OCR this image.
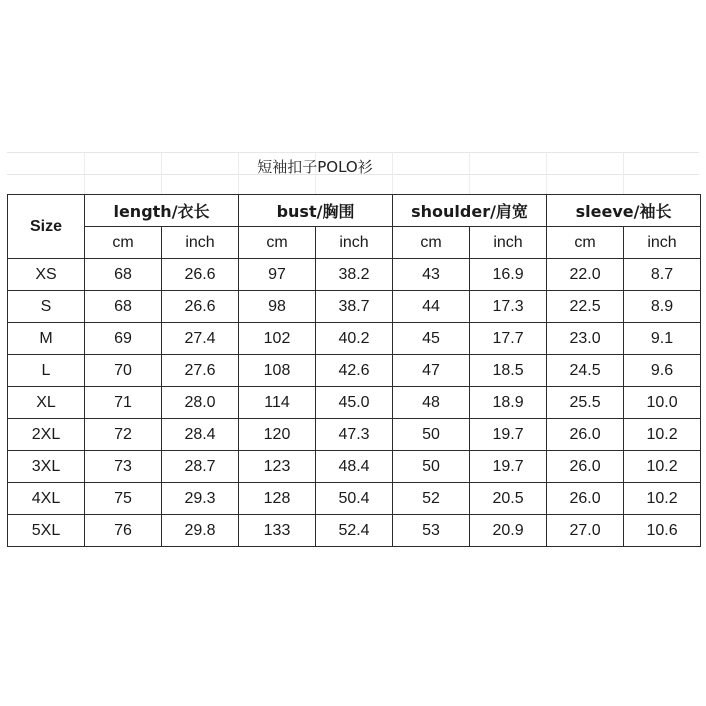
短袖扣子POLO衫
Size	length/衣长		bust/胸围		shoulder/肩宽		sleeve/袖长	
	cm	inch	cm	inch	cm	inch	cm	inch
XS	68	26.6	97	38.2	43	16.9	22.0	8.7
S	68	26.6	98	38.7	44	17.3	22.5	8.9
M	69	27.4	102	40.2	45	17.7	23.0	9.1
L	70	27.6	108	42.6	47	18.5	24.5	9.6
XL	71	28.0	114	45.0	48	18.9	25.5	10.0
2XL	72	28.4	120	47.3	50	19.7	26.0	10.2
3XL	73	28.7	123	48.4	50	19.7	26.0	10.2
4XL	75	29.3	128	50.4	52	20.5	26.0	10.2
5XL	76	29.8	133	52.4	53	20.9	27.0	10.6
